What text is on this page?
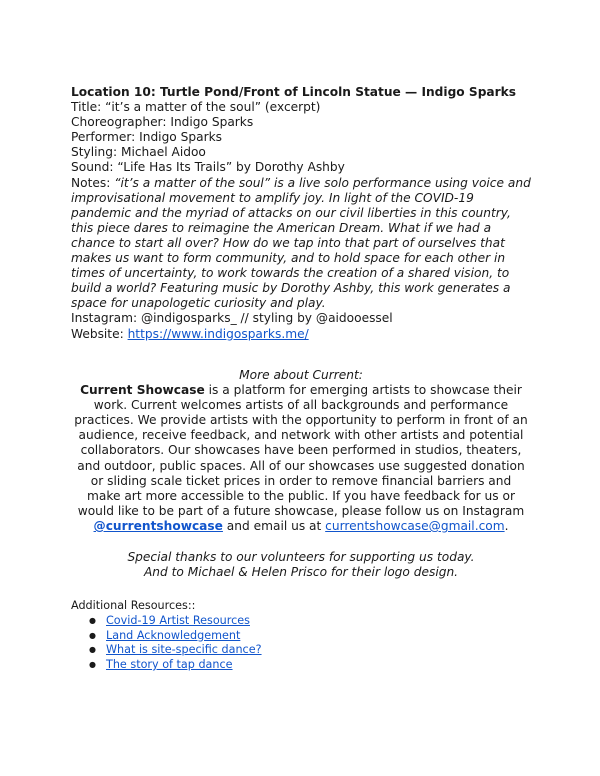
Location 10: Turtle Pond/Front of Lincoln Statue — Indigo Sparks
Title: “it’s a matter of the soul” (excerpt)
Choreographer: Indigo Sparks
Performer: Indigo Sparks
Styling: Michael Aidoo
Sound: “Life Has Its Trails” by Dorothy Ashby
Notes: “it’s a matter of the soul” is a live solo performance using voice and
improvisational movement to amplify joy. In light of the COVID-19
pandemic and the myriad of attacks on our civil liberties in this country,
this piece dares to reimagine the American Dream. What if we had a
chance to start all over? How do we tap into that part of ourselves that
makes us want to form community, and to hold space for each other in
times of uncertainty, to work towards the creation of a shared vision, to
build a world? Featuring music by Dorothy Ashby, this work generates a
space for unapologetic curiosity and play.
Instagram: @indigosparks_ // styling by @aidooessel
Website: https://www.indigosparks.me/
More about Current:
Current Showcase is a platform for emerging artists to showcase their
work. Current welcomes artists of all backgrounds and performance
practices. We provide artists with the opportunity to perform in front of an
audience, receive feedback, and network with other artists and potential
collaborators. Our showcases have been performed in studios, theaters,
and outdoor, public spaces. All of our showcases use suggested donation
or sliding scale ticket prices in order to remove financial barriers and
make art more accessible to the public. If you have feedback for us or
would like to be part of a future showcase, please follow us on Instagram
@currentshowcase and email us at currentshowcase@gmail.com.
Special thanks to our volunteers for supporting us today.
And to Michael & Helen Prisco for their logo design.
Additional Resources::
● Covid-19 Artist Resources
● Land Acknowledgement
● What is site-specific dance?
● The story of tap dance
